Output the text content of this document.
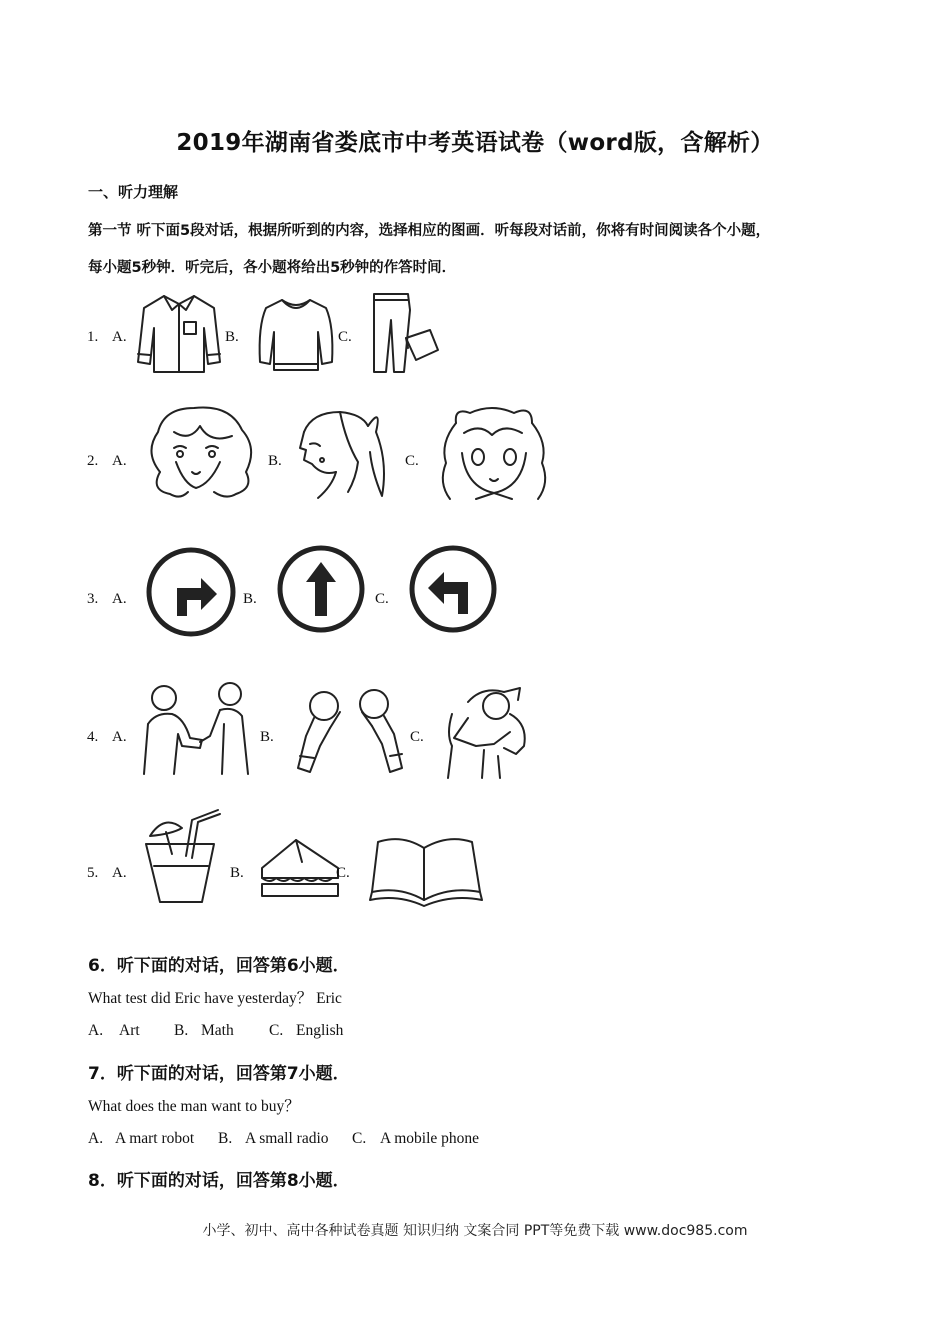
2019年湖南省娄底市中考英语试卷（word版，含解析）
一、听力理解
第一节 听下面5段对话，根据所听到的内容，选择相应的图画．听每段对话前，你将有时间阅读各个小题，
每小题5秒钟．听完后，各小题将给出5秒钟的作答时间．
1. A.	B.	C.
2. A.	B.	C.
3. A.	B.	C.
4. A.	B.	C.
5. A.	B.	C.
6．听下面的对话，回答第6小题．
What test did Eric have yesterday？ Eric
A. Art B. Math C. English
7．听下面的对话，回答第7小题．
What does the man want to buy？
A. A mart robot B. A small radio C. A mobile phone
8．听下面的对话，回答第8小题．
小学、初中、高中各种试卷真题 知识归纳 文案合同 PPT等免费下载 www.doc985.com
